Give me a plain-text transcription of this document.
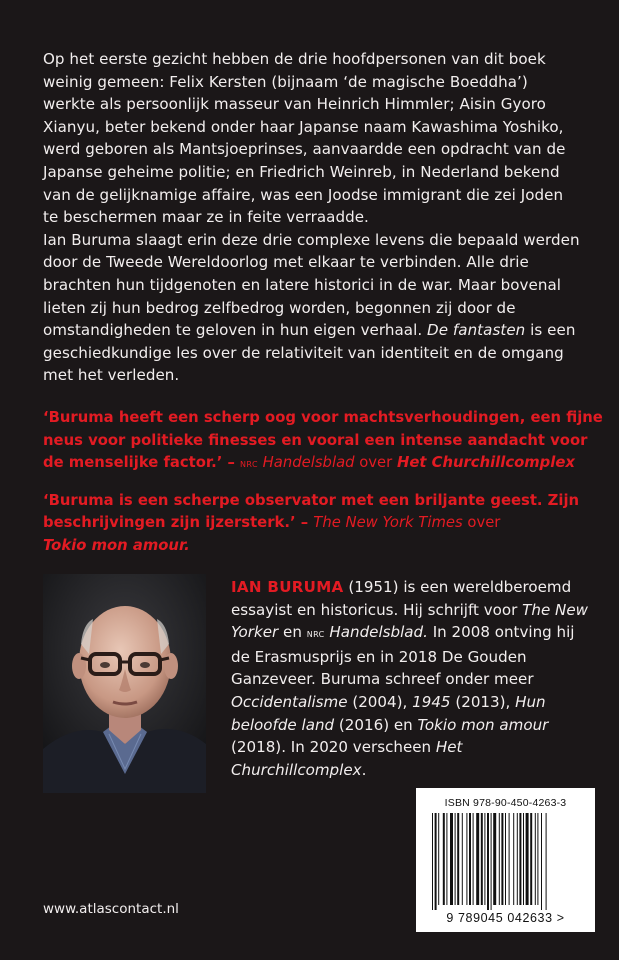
Op het eerste gezicht hebben de drie hoofdpersonen van dit boek weinig gemeen: Felix Kersten (bijnaam ‘de magische Boeddha’) werkte als persoonlijk masseur van Heinrich Himmler; Aisin Gyoro Xianyu, beter bekend onder haar Japanse naam Kawashima Yoshiko, werd geboren als Mantsjoeprinses, aanvaardde een opdracht van de Japanse geheime politie; en Friedrich Weinreb, in Nederland bekend van de gelijknamige affaire, was een Joodse immigrant die zei Joden te beschermen maar ze in feite verraadde.

Ian Buruma slaagt erin deze drie complexe levens die bepaald werden door de Tweede Wereldoorlog met elkaar te verbinden. Alle drie brachten hun tijdgenoten en latere historici in de war. Maar bovenal lieten zij hun bedrog zelfbedrog worden, begonnen zij door de omstandigheden te geloven in hun eigen verhaal. De fantasten is een geschiedkundige les over de relativiteit van identiteit en de omgang met het verleden.

‘Buruma heeft een scherp oog voor machtsverhoudingen, een fijne neus voor politieke finesses en vooral een intense aandacht voor de menselijke factor.’ – nrc Handelsblad over Het Churchillcomplex

‘Buruma is een scherpe observator met een briljante geest. Zijn beschrijvingen zijn ijzersterk.’ – The New York Times over
Tokio mon amour.

IAN BURUMA (1951) is een wereldberoemd essayist en historicus. Hij schrijft voor The New Yorker en nrc Handelsblad. In 2008 ontving hij de Erasmusprijs en in 2018 De Gouden Ganzeveer. Buruma schreef onder meer Occidentalisme (2004), 1945 (2013), Hun beloofde land (2016) en Tokio mon amour (2018). In 2020 verscheen Het Churchillcomplex.

www.atlascontact.nl
ISBN 978-90-450-4263-3
9 789045 042633 >
